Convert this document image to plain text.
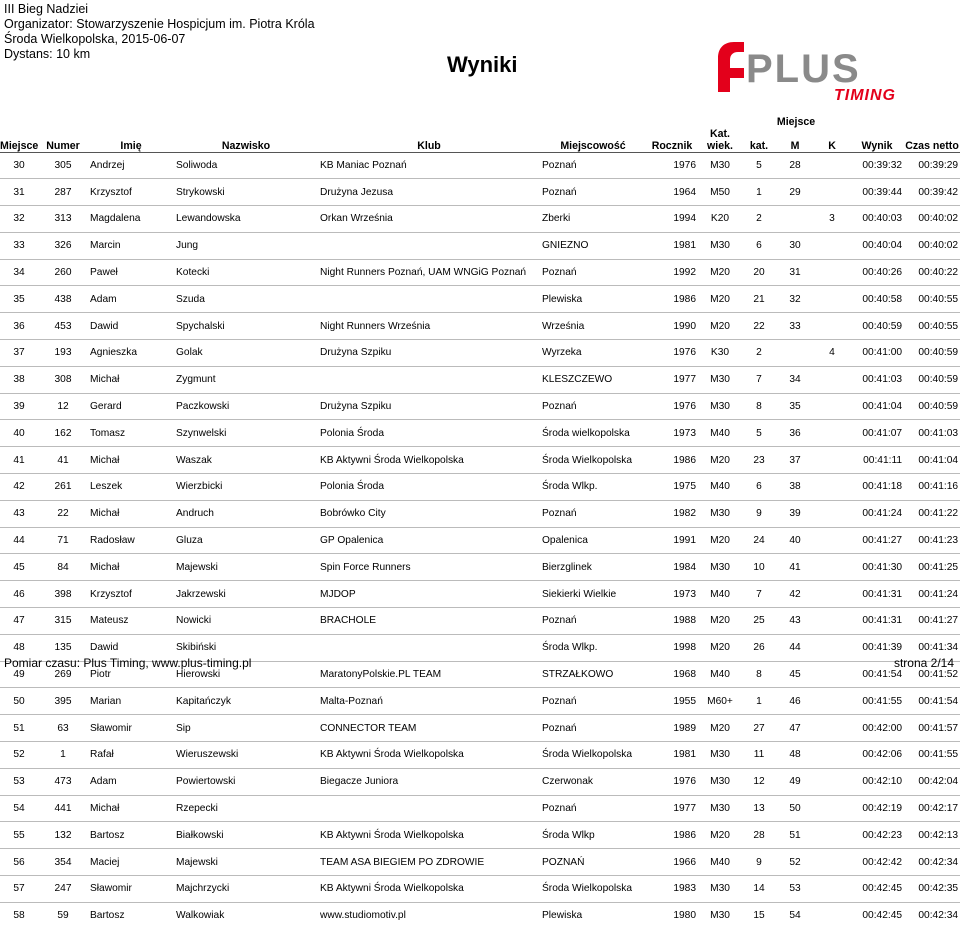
III Bieg Nadziei
Organizator: Stowarzyszenie Hospicjum im. Piotra Króla
Środa Wielkopolska, 2015-06-07
Dystans: 10 km	Wyniki	PLUS
TIMING
Miejsce	Numer	Imię	Nazwisko	Klub	Miejscowość	Rocznik	Kat.
wiek.	Miejsce			Wynik	Czas netto
								kat.	M	K		
30	305	Andrzej	Soliwoda	KB Maniac Poznań	Poznań	1976	M30	5	28		00:39:32	00:39:29
31	287	Krzysztof	Strykowski	Drużyna Jezusa	Poznań	1964	M50	1	29		00:39:44	00:39:42
32	313	Magdalena	Lewandowska	Orkan Września	Zberki	1994	K20	2		3	00:40:03	00:40:02
33	326	Marcin	Jung		GNIEZNO	1981	M30	6	30		00:40:04	00:40:02
34	260	Paweł	Kotecki	Night Runners Poznań, UAM WNGiG Poznań	Poznań	1992	M20	20	31		00:40:26	00:40:22
35	438	Adam	Szuda		Plewiska	1986	M20	21	32		00:40:58	00:40:55
36	453	Dawid	Spychalski	Night Runners Września	Września	1990	M20	22	33		00:40:59	00:40:55
37	193	Agnieszka	Golak	Drużyna Szpiku	Wyrzeka	1976	K30	2		4	00:41:00	00:40:59
38	308	Michał	Zygmunt		KLESZCZEWO	1977	M30	7	34		00:41:03	00:40:59
39	12	Gerard	Paczkowski	Drużyna Szpiku	Poznań	1976	M30	8	35		00:41:04	00:40:59
40	162	Tomasz	Szynwelski	Polonia Środa	Środa wielkopolska	1973	M40	5	36		00:41:07	00:41:03
41	41	Michał	Waszak	KB Aktywni Środa Wielkopolska	Środa Wielkopolska	1986	M20	23	37		00:41:11	00:41:04
42	261	Leszek	Wierzbicki	Polonia Środa	Środa Wlkp.	1975	M40	6	38		00:41:18	00:41:16
43	22	Michał	Andruch	Bobrówko City	Poznań	1982	M30	9	39		00:41:24	00:41:22
44	71	Radosław	Gluza	GP Opalenica	Opalenica	1991	M20	24	40		00:41:27	00:41:23
45	84	Michał	Majewski	Spin Force Runners	Bierzglinek	1984	M30	10	41		00:41:30	00:41:25
46	398	Krzysztof	Jakrzewski	MJDOP	Siekierki Wielkie	1973	M40	7	42		00:41:31	00:41:24
47	315	Mateusz	Nowicki	BRACHOLE	Poznań	1988	M20	25	43		00:41:31	00:41:27
48	135	Dawid	Skibiński		Środa Wlkp.	1998	M20	26	44		00:41:39	00:41:34
49	269	Piotr	Hierowski	MaratonyPolskie.PL TEAM	STRZAŁKOWO	1968	M40	8	45		00:41:54	00:41:52
50	395	Marian	Kapitańczyk	Malta-Poznań	Poznań	1955	M60+	1	46		00:41:55	00:41:54
51	63	Sławomir	Sip	CONNECTOR TEAM	Poznań	1989	M20	27	47		00:42:00	00:41:57
52	1	Rafał	Wieruszewski	KB Aktywni Środa Wielkopolska	Środa Wielkopolska	1981	M30	11	48		00:42:06	00:41:55
53	473	Adam	Powiertowski	Biegacze Juniora	Czerwonak	1976	M30	12	49		00:42:10	00:42:04
54	441	Michał	Rzepecki		Poznań	1977	M30	13	50		00:42:19	00:42:17
55	132	Bartosz	Białkowski	KB Aktywni Środa Wielkopolska	Środa Wlkp	1986	M20	28	51		00:42:23	00:42:13
56	354	Maciej	Majewski	TEAM ASA BIEGIEM PO ZDROWIE	POZNAŃ	1966	M40	9	52		00:42:42	00:42:34
57	247	Sławomir	Majchrzycki	KB Aktywni Środa Wielkopolska	Środa Wielkopolska	1983	M30	14	53		00:42:45	00:42:35
58	59	Bartosz	Walkowiak	www.studiomotiv.pl	Plewiska	1980	M30	15	54		00:42:45	00:42:34
Pomiar czasu: Plus Timing, www.plus-timing.pl	strona 2/14
